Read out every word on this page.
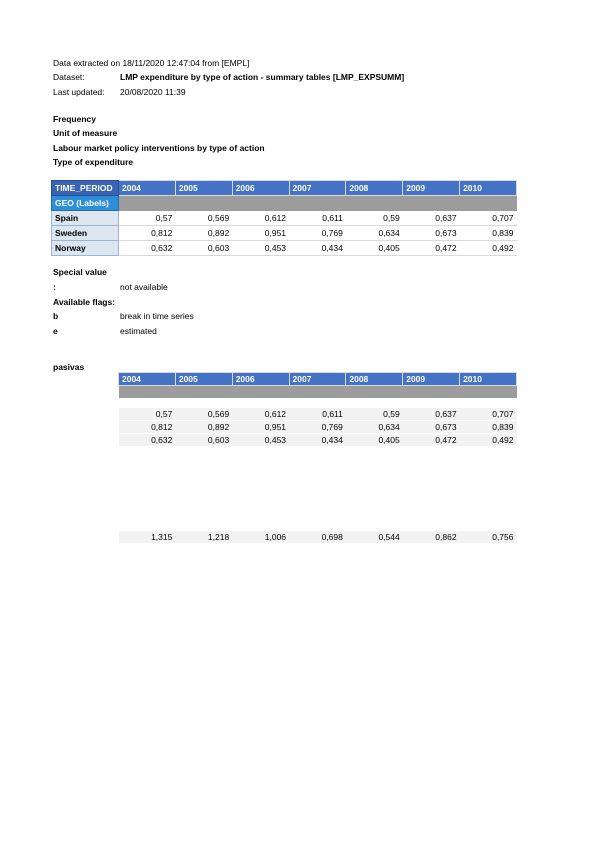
Data extracted on 18/11/2020 12:47:04 from [EMPL]
Dataset:	LMP expenditure by type of action - summary tables [LMP_EXPSUMM]
Last updated: 20/08/2020 11:39
Frequency
Unit of measure
Labour market policy interventions by type of action
Type of expenditure
TIME_PERIOD	2004	2005	2006	2007	2008	2009	2010
GEO (Labels)							
Spain	0,57	0,569	0,612	0,611	0,59	0,637	0,707
Sweden	0,812	0,892	0,951	0,769	0,634	0,673	0,839
Norway	0,632	0,603	0,453	0,434	0,405	0,472	0,492
Special value
:	not available
Available flags:
b	break in time series
e	estimated
pasivas
2004	2005	2006	2007	2008	2009	2010

0,57	0,569	0,612	0,611	0,59	0,637	0,707
0,812	0,892	0,951	0,769	0,634	0,673	0,839
0,632	0,603	0,453	0,434	0,405	0,472	0,492

1,315	1,218	1,006	0,698	0,544	0,862	0,756
